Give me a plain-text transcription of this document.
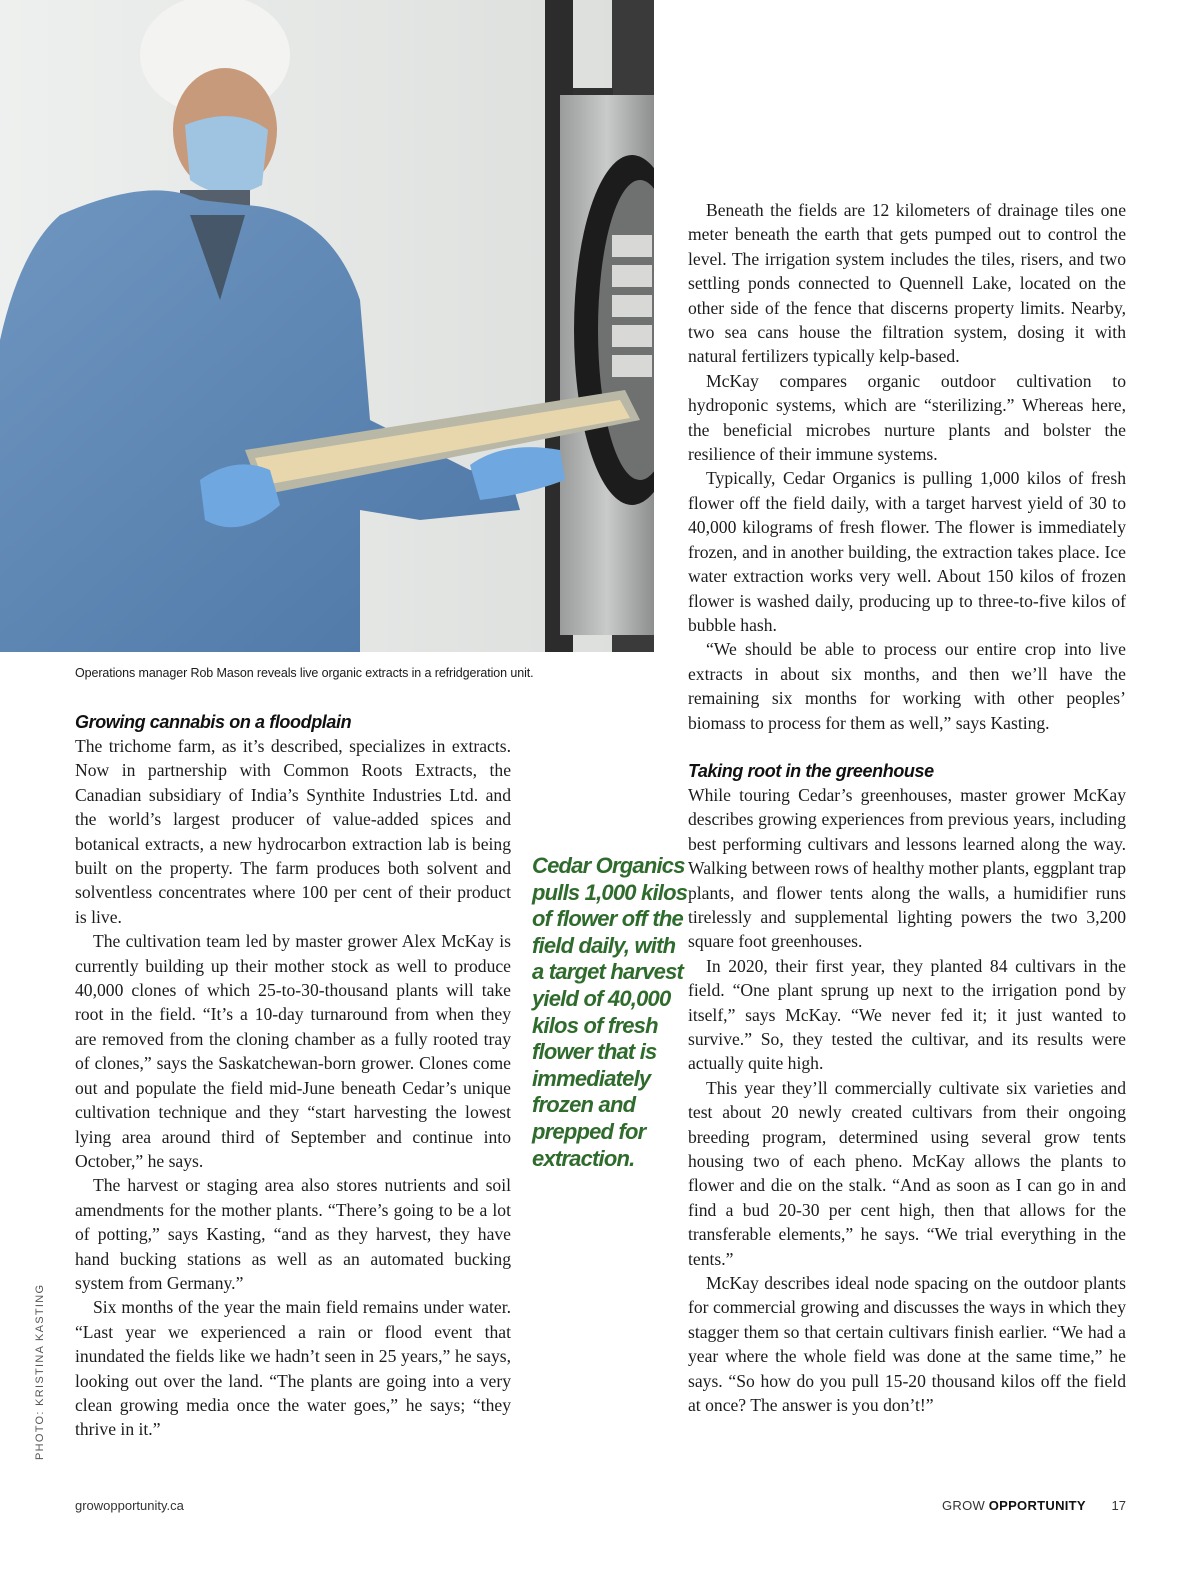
Operations manager Rob Mason reveals live organic extracts in a refridgeration unit.
PHOTO: KRISTINA KASTING
Growing cannabis on a floodplain

The trichome farm, as it’s described, specializes in extracts. Now in partnership with Common Roots Extracts, the Canadian subsidiary of India’s Synthite Industries Ltd. and the world’s largest producer of value-added spices and botanical extracts, a new hydrocarbon extraction lab is being built on the property. The farm produces both solvent and solventless concentrates where 100 per cent of their product is live.

The cultivation team led by master grower Alex McKay is currently building up their mother stock as well to produce 40,000 clones of which 25-to-30-thousand plants will take root in the field. “It’s a 10-day turnaround from when they are removed from the cloning chamber as a fully rooted tray of clones,” says the Saskatchewan-born grower. Clones come out and populate the field mid-June beneath Cedar’s unique cultivation technique and they “start harvesting the lowest lying area around third of September and continue into October,” he says.

The harvest or staging area also stores nutrients and soil amendments for the mother plants. “There’s going to be a lot of potting,” says Kasting, “and as they harvest, they have hand bucking stations as well as an automated bucking system from Germany.”

Six months of the year the main field remains under water. “Last year we experienced a rain or flood event that inundated the fields like we hadn’t seen in 25 years,” he says, looking out over the land. “The plants are going into a very clean growing media once the water goes,” he says; “they thrive in it.”

Cedar Organics pulls 1,000 kilos of flower off the field daily, with a target harvest yield of 40,000 kilos of fresh flower that is immediately frozen and prepped for extraction.

Beneath the fields are 12 kilometers of drainage tiles one meter beneath the earth that gets pumped out to control the level. The irrigation system includes the tiles, risers, and two settling ponds connected to Quennell Lake, located on the other side of the fence that discerns property limits. Nearby, two sea cans house the filtration system, dosing it with natural fertilizers typically kelp-based.

McKay compares organic outdoor cultivation to hydroponic systems, which are “sterilizing.” Whereas here, the beneficial microbes nurture plants and bolster the resilience of their immune systems.

Typically, Cedar Organics is pulling 1,000 kilos of fresh flower off the field daily, with a target harvest yield of 30 to 40,000 kilograms of fresh flower. The flower is immediately frozen, and in another building, the extraction takes place. Ice water extraction works very well. About 150 kilos of frozen flower is washed daily, producing up to three-to-five kilos of bubble hash.

“We should be able to process our entire crop into live extracts in about six months, and then we’ll have the remaining six months for working with other peoples’ biomass to process for them as well,” says Kasting.

Taking root in the greenhouse

While touring Cedar’s greenhouses, master grower McKay describes growing experiences from previous years, including best performing cultivars and lessons learned along the way. Walking between rows of healthy mother plants, eggplant trap plants, and flower tents along the walls, a humidifier runs tirelessly and supplemental lighting powers the two 3,200 square foot greenhouses.

In 2020, their first year, they planted 84 cultivars in the field. “One plant sprung up next to the irrigation pond by itself,” says McKay. “We never fed it; it just wanted to survive.” So, they tested the cultivar, and its results were actually quite high.

This year they’ll commercially cultivate six varieties and test about 20 newly created cultivars from their ongoing breeding program, determined using several grow tents housing two of each pheno. McKay allows the plants to flower and die on the stalk. “And as soon as I can go in and find a bud 20-30 per cent high, then that allows for the transferable elements,” he says. “We trial everything in the tents.”

McKay describes ideal node spacing on the outdoor plants for commercial growing and discusses the ways in which they stagger them so that certain cultivars finish earlier. “We had a year where the whole field was done at the same time,” he says. “So how do you pull 15-20 thousand kilos off the field at once? The answer is you don’t!”

growopportunity.ca	GROW OPPORTUNITY 17
